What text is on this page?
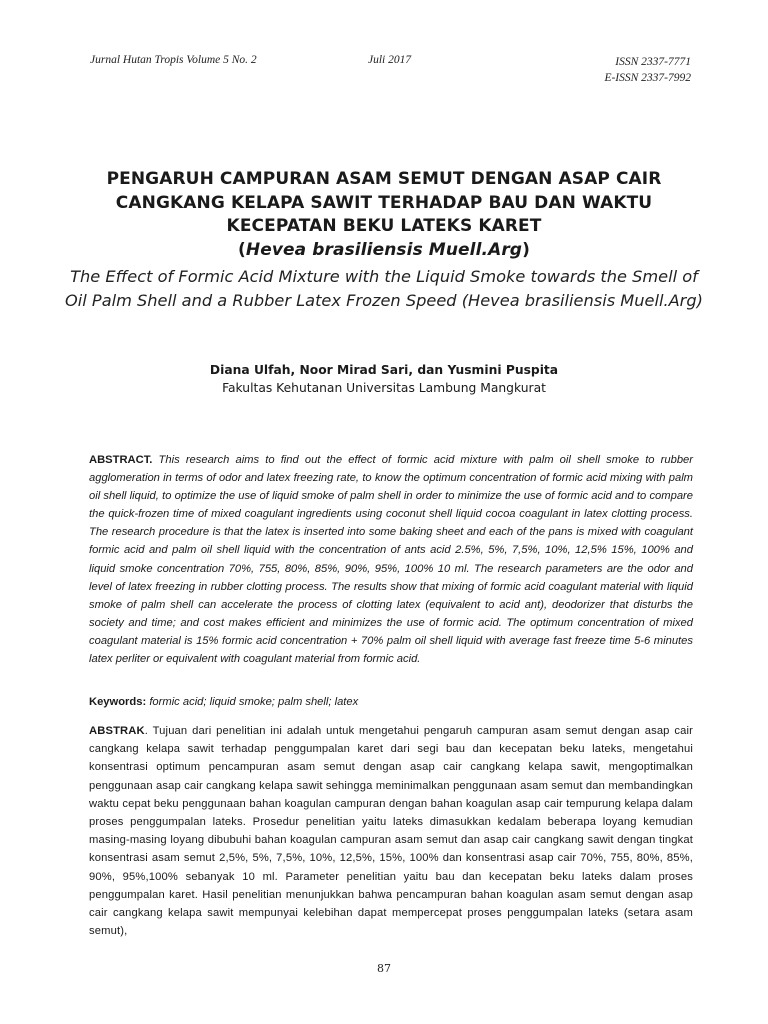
Jurnal Hutan Tropis Volume 5 No. 2	Juli 2017	ISSN 2337-7771
E-ISSN 2337-7992
PENGARUH CAMPURAN ASAM SEMUT DENGAN ASAP CAIR
CANGKANG KELAPA SAWIT TERHADAP BAU DAN WAKTU
KECEPATAN BEKU LATEKS KARET
(Hevea brasiliensis Muell.Arg)
The Effect of Formic Acid Mixture with the Liquid Smoke towards the Smell of
Oil Palm Shell and a Rubber Latex Frozen Speed (Hevea brasiliensis Muell.Arg)
Diana Ulfah, Noor Mirad Sari, dan Yusmini Puspita
Fakultas Kehutanan Universitas Lambung Mangkurat
ABSTRACT. This research aims to find out the effect of formic acid mixture with palm oil shell smoke to rubber agglomeration in terms of odor and latex freezing rate, to know the optimum concentration of formic acid mixing with palm oil shell liquid, to optimize the use of liquid smoke of palm shell in order to minimize the use of formic acid and to compare the quick-frozen time of mixed coagulant ingredients using coconut shell liquid cocoa coagulant in latex clotting process. The research procedure is that the latex is inserted into some baking sheet and each of the pans is mixed with coagulant formic acid and palm oil shell liquid with the concentration of ants acid 2.5%, 5%, 7,5%, 10%, 12,5% 15%, 100% and liquid smoke concentration 70%, 755, 80%, 85%, 90%, 95%, 100% 10 ml. The research parameters are the odor and level of latex freezing in rubber clotting process. The results show that mixing of formic acid coagulant material with liquid smoke of palm shell can accelerate the process of clotting latex (equivalent to acid ant), deodorizer that disturbs the society and time; and cost makes efficient and minimizes the use of formic acid. The optimum concentration of mixed coagulant material is 15% formic acid concentration + 70% palm oil shell liquid with average fast freeze time 5-6 minutes latex perliter or equivalent with coagulant material from formic acid.
Keywords: formic acid; liquid smoke; palm shell; latex
ABSTRAK. Tujuan dari penelitian ini adalah untuk mengetahui pengaruh campuran asam semut dengan asap cair cangkang kelapa sawit terhadap penggumpalan karet dari segi bau dan kecepatan beku lateks, mengetahui konsentrasi optimum pencampuran asam semut dengan asap cair cangkang kelapa sawit, mengoptimalkan penggunaan asap cair cangkang kelapa sawit sehingga meminimalkan penggunaan asam semut dan membandingkan waktu cepat beku penggunaan bahan koagulan campuran dengan bahan koagulan asap cair tempurung kelapa dalam proses penggumpalan lateks. Prosedur penelitian yaitu lateks dimasukkan kedalam beberapa loyang kemudian masing-masing loyang dibubuhi bahan koagulan campuran asam semut dan asap cair cangkang sawit dengan tingkat konsentrasi asam semut 2,5%, 5%, 7,5%, 10%, 12,5%, 15%, 100% dan konsentrasi asap cair 70%, 755, 80%, 85%, 90%, 95%,100% sebanyak 10 ml. Parameter penelitian yaitu bau dan kecepatan beku lateks dalam proses penggumpalan karet. Hasil penelitian menunjukkan bahwa pencampuran bahan koagulan asam semut dengan asap cair cangkang kelapa sawit mempunyai kelebihan dapat mempercepat proses penggumpalan lateks (setara asam semut),
87
